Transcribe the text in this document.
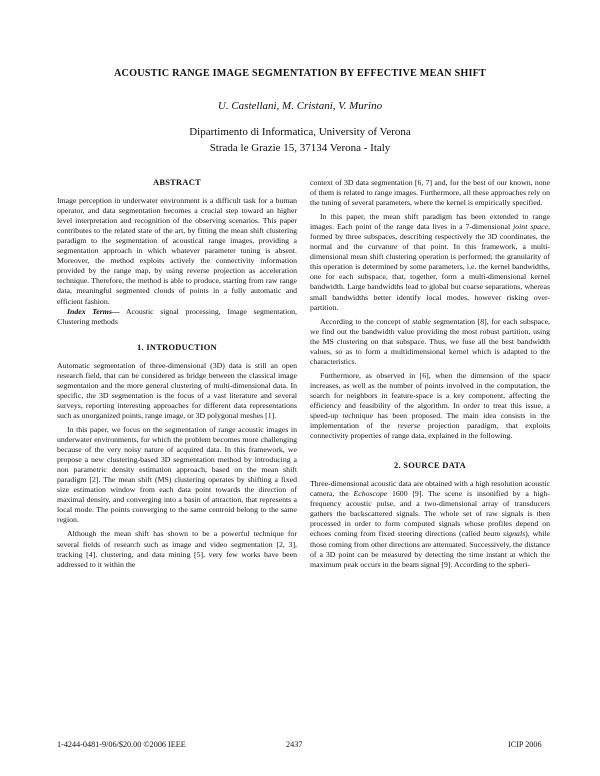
ACOUSTIC RANGE IMAGE SEGMENTATION BY EFFECTIVE MEAN SHIFT
U. Castellani, M. Cristani, V. Murino
Dipartimento di Informatica, University of Verona
Strada le Grazie 15, 37134 Verona - Italy
ABSTRACT

Image perception in underwater environment is a difficult task for a human operator, and data segmentation becomes a crucial step toward an higher level interpretation and recognition of the observing scenarios. This paper contributes to the related state of the art, by fitting the mean shift clustering paradigm to the segmentation of acoustical range images, providing a segmentation approach in which whatever parameter tuning is absent. Moreover, the method exploits actively the connectivity information provided by the range map, by using reverse projection as acceleration technique. Therefore, the method is able to produce, starting from raw range data, meaningful segmented clouds of points in a fully automatic and efficient fashion.

Index Terms— Acoustic signal processing, Image segmentation, Clustering methods

1. INTRODUCTION

Automatic segmentation of three-dimensional (3D) data is still an open research field, that can be considered as bridge between the classical image segmentation and the more general clustering of multi-dimensional data. In specific, the 3D segmentation is the focus of a vast literature and several surveys, reporting interesting approaches for different data representations such as unorganized points, range image, or 3D polygonal meshes [1].

In this paper, we focus on the segmentation of range acoustic images in underwater environments, for which the problem becomes more challenging because of the very noisy nature of acquired data. In this framework, we propose a new clustering-based 3D segmentation method by introducing a non parametric density estimation approach, based on the mean shift paradigm [2]. The mean shift (MS) clustering operates by shifting a fixed size estimation window from each data point towards the direction of maximal density, and converging into a basin of attraction, that represents a local mode. The points converging to the same centroid belong to the same region.

Although the mean shift has shown to be a powerful technique for several fields of research such as image and video segmentation [2, 3], tracking [4], clustering, and data mining [5], very few works have been addressed to it within the

context of 3D data segmentation [6, 7] and, for the best of our known, none of them is related to range images. Furthermore, all these approaches rely on the tuning of several parameters, where the kernel is empirically specified.

In this paper, the mean shift paradigm has been extended to range images. Each point of the range data lives in a 7-dimensional joint space, formed by three subspaces, describing respectively the 3D coordinates, the normal and the curvature of that point. In this framework, a multi-dimensional mean shift clustering operation is performed; the granularity of this operation is determined by some parameters, i.e. the kernel bandwidths, one for each subspace, that, together, form a multi-dimensional kernel bandwidth. Large bandwidths lead to global but coarse separations, whereas small bandwidths better identify local modes, however risking over-partition.

According to the concept of stable segmentation [8], for each subspace, we find out the bandwidth value providing the most robust partition, using the MS clustering on that subspace. Thus, we fuse all the best bandwidth values, so as to form a multidimensional kernel which is adapted to the characteristics.

Furthermore, as observed in [6], when the dimension of the space increases, as well as the number of points involved in the computation, the search for neighbors in feature-space is a key component, affecting the efficiency and feasibility of the algorithm. In order to treat this issue, a speed-up technique has been proposed. The main idea consists in the implementation of the reverse projection paradigm, that exploits connectivity properties of range data, explained in the following.

2. SOURCE DATA

Three-dimensional acoustic data are obtained with a high resolution acoustic camera, the Echoscope 1600 [9]. The scene is insonified by a high-frequency acoustic pulse, and a two-dimensional array of transducers gathers the backscattered signals. The whole set of raw signals is then processed in order to form computed signals whose profiles depend on echoes coming from fixed steering directions (called beam signals), while those coming from other directions are attenuated. Successively, the distance of a 3D point can be measured by detecting the time instant at which the maximum peak occurs in the beam signal [9]. According to the spheri-

1-4244-0481-9/06/$20.00 ©2006 IEEE	2437	ICIP 2006
